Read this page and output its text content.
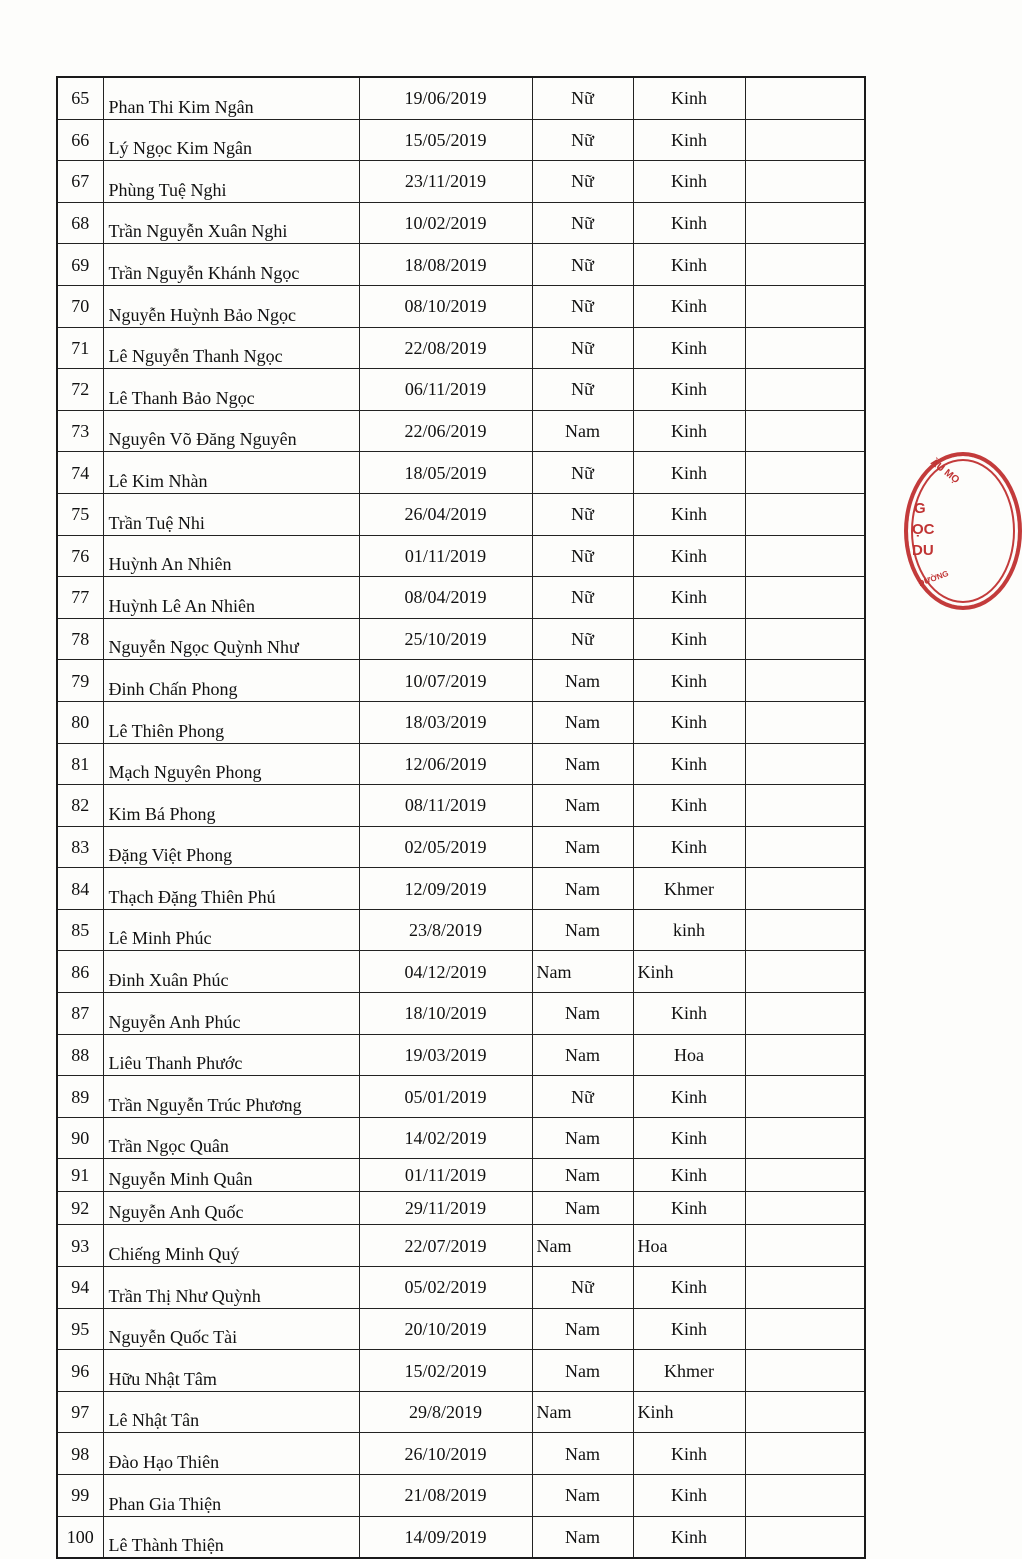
65	Phan Thi Kim Ngân	19/06/2019	Nữ	Kinh	
66	Lý Ngọc Kim Ngân	15/05/2019	Nữ	Kinh	
67	Phùng Tuệ Nghi	23/11/2019	Nữ	Kinh	
68	Trần Nguyễn Xuân Nghi	10/02/2019	Nữ	Kinh	
69	Trần Nguyễn Khánh Ngọc	18/08/2019	Nữ	Kinh	
70	Nguyễn Huỳnh Bảo Ngọc	08/10/2019	Nữ	Kinh	
71	Lê Nguyễn Thanh Ngọc	22/08/2019	Nữ	Kinh	
72	Lê Thanh Bảo Ngọc	06/11/2019	Nữ	Kinh	
73	Nguyên Võ Đăng Nguyên	22/06/2019	Nam	Kinh	
74	Lê Kim Nhàn	18/05/2019	Nữ	Kinh	
75	Trần Tuệ Nhi	26/04/2019	Nữ	Kinh	
76	Huỳnh An Nhiên	01/11/2019	Nữ	Kinh	
77	Huỳnh Lê An Nhiên	08/04/2019	Nữ	Kinh	
78	Nguyễn Ngọc Quỳnh Như	25/10/2019	Nữ	Kinh	
79	Đinh Chấn Phong	10/07/2019	Nam	Kinh	
80	Lê Thiên Phong	18/03/2019	Nam	Kinh	
81	Mạch Nguyên Phong	12/06/2019	Nam	Kinh	
82	Kim Bá Phong	08/11/2019	Nam	Kinh	
83	Đặng Việt Phong	02/05/2019	Nam	Kinh	
84	Thạch Đặng Thiên Phú	12/09/2019	Nam	Khmer	
85	Lê Minh Phúc	23/8/2019	Nam	kinh	
86	Đinh Xuân Phúc	04/12/2019	Nam	Kinh	
87	Nguyễn Anh Phúc	18/10/2019	Nam	Kinh	
88	Liêu Thanh Phước	19/03/2019	Nam	Hoa	
89	Trần Nguyễn Trúc Phương	05/01/2019	Nữ	Kinh	
90	Trần Ngọc Quân	14/02/2019	Nam	Kinh	
91	Nguyễn Minh Quân	01/11/2019	Nam	Kinh	
92	Nguyễn Anh Quốc	29/11/2019	Nam	Kinh	
93	Chiếng Minh Quý	22/07/2019	Nam	Hoa	
94	Trần Thị Như Quỳnh	05/02/2019	Nữ	Kinh	
95	Nguyễn Quốc Tài	20/10/2019	Nam	Kinh	
96	Hữu Nhật Tâm	15/02/2019	Nam	Khmer	
97	Lê Nhật Tân	29/8/2019	Nam	Kinh	
98	Đào Hạo Thiên	26/10/2019	Nam	Kinh	
99	Phan Gia Thiện	21/08/2019	Nam	Kinh	
100	Lê Thành Thiện	14/09/2019	Nam	Kinh	
ẦU MỌ
G
ỌC
DU
ĐƯỜNG
